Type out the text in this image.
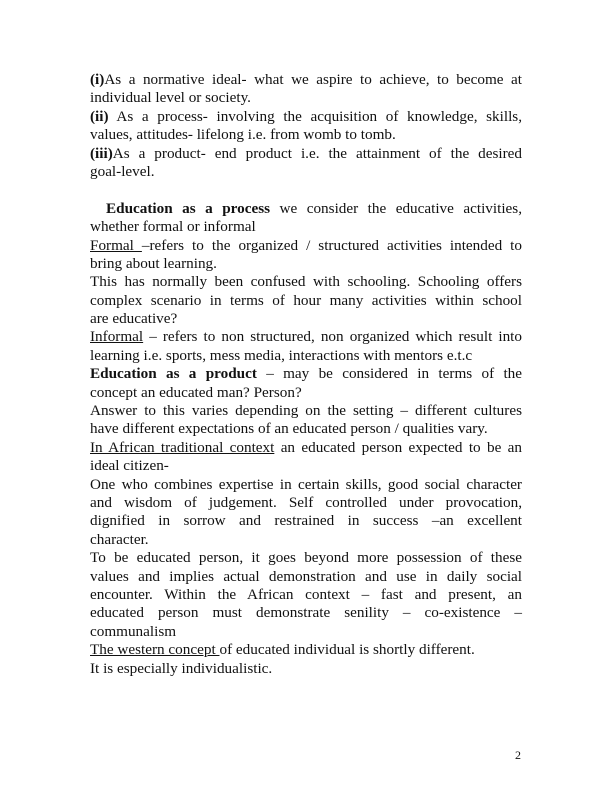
(i)As a normative ideal- what we aspire to achieve, to become at
individual level or society.
(ii) As a process- involving the acquisition of knowledge, skills,
values, attitudes- lifelong i.e. from womb to tomb.
(iii)As a product- end product i.e. the attainment of the desired
goal-level.
Education as a process we consider the educative activities,
whether formal or informal
Formal –refers to the organized / structured activities intended to
bring about learning.
This has normally been confused with schooling. Schooling offers
complex scenario in terms of hour many activities within school
are educative?
Informal – refers to non structured, non organized which result into
learning i.e. sports, mess media, interactions with mentors e.t.c
Education as a product – may be considered in terms of the
concept an educated man? Person?
Answer to this varies depending on the setting – different cultures
have different expectations of an educated person / qualities vary.
In African traditional context an educated person expected to be an
ideal citizen-
One who combines expertise in certain skills, good social character
and wisdom of judgement. Self controlled under provocation,
dignified in sorrow and restrained in success –an excellent
character.
To be educated person, it goes beyond more possession of these
values and implies actual demonstration and use in daily social
encounter. Within the African context – fast and present, an
educated person must demonstrate senility – co-existence –
communalism
The western concept of educated individual is shortly different.
It is especially individualistic.
2
